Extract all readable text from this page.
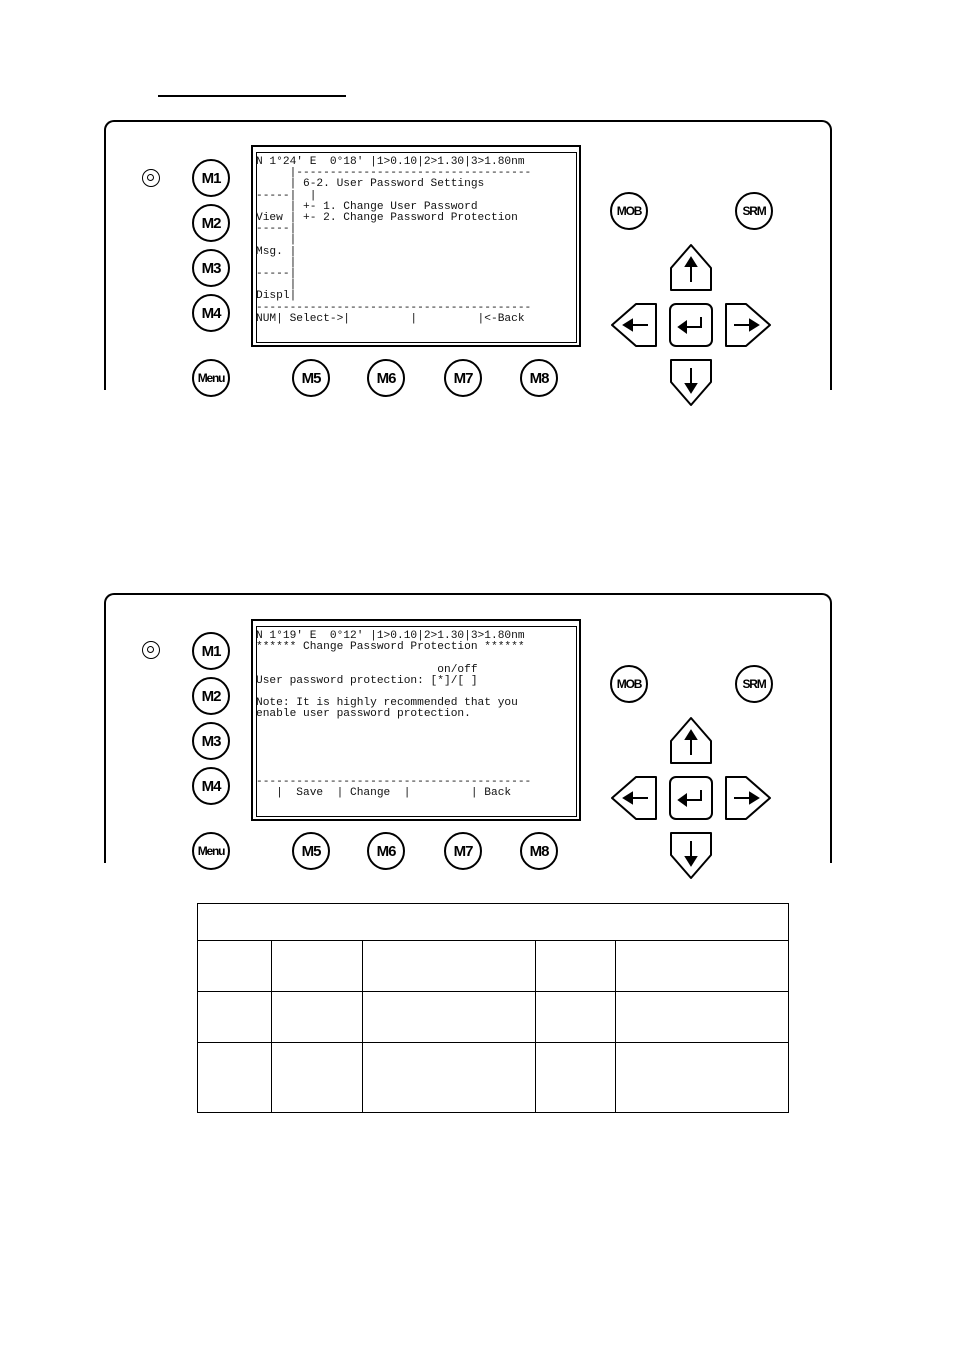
M1
M2
M3
M4
Menu	M5	M6	M7	M8
MOB	SRM
N 1°24' E  0°18' |1>0.10|2>1.30|3>1.80nm
|-----------------------------------
| 6-2. User Password Settings
-----|  |
| +- 1. Change User Password
View | +- 2. Change Password Protection
-----|
|
Msg. |
|
-----|
|
Displ|
-----------------------------------------
NUM| Select->|         |         |<-Back
M1
M2
M3
M4
Menu	M5	M6	M7	M8
MOB	SRM
N 1°19' E  0°12' |1>0.10|2>1.30|3>1.80nm
****** Change Password Protection ******

on/off
User password protection: [*]/[ ]

Note: It is highly recommended that you
enable user password protection.

-----------------------------------------
|  Save  | Change  |         | Back
